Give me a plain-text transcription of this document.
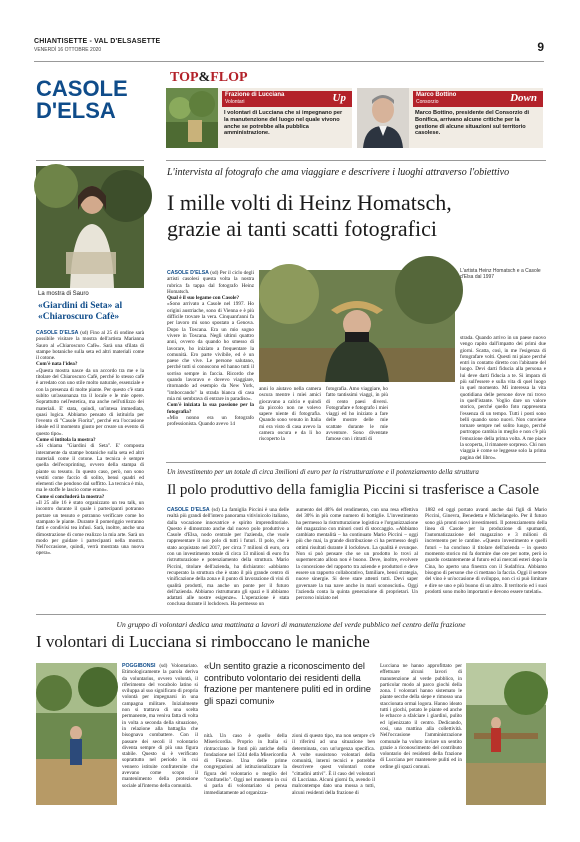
CHIANTISETTE - VAL D'ELSASETTE
VENERDÌ 16 OTTOBRE 2020	9
CASOLE
D'ELSA
TOP&FLOP
Frazione di Lucciana
Volontari	Up
I volontari di Lucciana che si impegnano per la manutenzione del luogo nel quale vivono anche se potrebbe alla pubblica amministrazione.
Marco Bottino
Consorzio	Down
Marco Bottino, presidente del Consorzio di Bonifica, arrivano alcune critiche per la gestione di alcune situazioni sul territorio casolese.
La mostra di Sauro
«Giardini di Seta» al «Chiaroscuro Cafè»

CASOLE D'ELSA (sd) Fino al 25 di ondine sarà possibile visitare la mostra dell'artista Marianna Sauro al «Chiaroscuro Cafè». Sarà una sfilata di stampe botaniche sulla seta ed altri materiali come il cotone.

Com'è nata l'idea?

«Questa mostra nasce da un accordo tra me e la titolare del Chiaroscuro Cafè, perché lo stesso cafè è arredato con uno stile molto naturale, essenziale e con la presenza di molte piante. Per questo c'è stata subito un'assonanza tra il locale e le mie opere. Soprattutto nell'estetica, ma anche nell'utilizzo dei materiali. E' stata, quindi, un'intesa immediata, quasi logica. Abbiamo pensato di istituirla per l'evento di "Casole Fiorita", perché era l'occasione ideale ed il momento giusto per creare un evento di questo tipo».

Come si intitola la mostra?

«Si chiama "Giardini di Seta". E' composta interamente da stampe botaniche sulla seta ed altri materiali come il cotone. La tecnica è sempre quella dell'ecoprinting, ovvero della stampa di piante su tessuto. In questo caso, però, non sono vestiti come faccio di solito, bensì quadri ed elementi che pendono dal soffitto. La tecnica è mia, ma le stoffe le lascio come erano».

Come si concluderà la mostra?

«Il 25 alle 16 è stato organizzato un tea talk, un incontro durante il quale i partecipanti potranno portare un tessuto e potranno verificare come ho stampato le piante. Durante il pomeriggio verranno fatti e condivisi tea infusi. Sarà, inoltre, anche una dimostrazione di come realizzo la mia arte. Sarà un modo per guidare i partecipanti nella mostra. Nell'occasione, quindi, verrà mostrata una nuova opera».

L'intervista al fotografo che ama viaggiare e descrivere i luoghi attraverso l'obiettivo
I mille volti di Heinz Homatsch,
grazie ai tanti scatti fotografici

CASOLE D'ELSA (sd) Per il ciclo degli artisti casolesi questa volta la nostra rubrica fa tappa dal fotografo Heinz Homatsch.

Qual è il suo legame con Casole?

«Sono arrivato a Casole nel 1997. Ho origini austriache, sono di Vienna e è più difficile trovare la vera. Cinquant'anni fa per lavoro mi sono spostato a Genova. Dopo la Toscana. Era un mio sogno vivere in Toscana. Negli ultimi quattro anni, ovvero da quando ho smesso di lavorare, ho iniziato a frequentare la comunità. Ero parte vivibile, ed è un paese che vive. Le persone salutano, perché tutti si conoscono ed hanno tutti il sorriso sempre in faccia. Ricordo che quando lavoravo e dovevo viaggiare, ritornando ad esempio da New York, "imboccando" la strada bianca di casa mia mi sembrava di entrare in paradiso».

Com'è iniziata la sua passione per la fotografia?

«Mio nonno era un fotografo professionista. Quando avevo 14

anni lo aiutavo nella camera oscura mentre i miei amici giocavano a calcio e quindi da piccolo non ne volevo sapere niente di fotografia. Quando sono venuto in Italia mi era visto di casa avevo la camera oscura e da lì ho riscoperto la
fotografia. Amo viaggiare, ho fatto tantissimi viaggi, in più di cento paesi diversi. Fotografare e fotografo i miei viaggi ed ho iniziato a fare delle mostre delle mie scattate durante le mie avventure. Sono diventate famose con i ritratti di
L'artista Heinz Homatsch e a Casole d'Elsa dal 1997
strada. Quando arrivo in un paese nuovo vengo rapito dall'impatto dei primi due giorni. Scatta, così, in me l'esigenza di fotografare volti. Questi mi piace perché entri in contatto diretto con l'abitante del luogo. Devi darti fiducia alla persona e lui deve darti fiducia a te. Si impara di più sull'essere e sulla vita di quel luogo in quel momento. Mi interessa la vita quotidiana delle persone dove mi trovo in quell'istante. Voglio dare un valore storico, perché quello foto rappresenta l'essenza di un tempo. Tutti i posti sono belli quando sono nuovi. Non conviene tornare sempre nel solito luogo, perché purtroppo cambia in meglio e non c'è più l'emozione della prima volta. A me piace la scoperta, il rimanere sorpreso. Chi non viaggia è come se leggesse solo la prima pagina del libro».
Un investimento per un totale di circa 3milioni di euro per la ristrutturazione e il potenziamento della struttura
Il polo produttivo della famiglia Piccini si trasferisce a Casole
CASOLE D'ELSA (sd) La famiglia Piccini è una delle realtà più grandi dell'intero panorama vitivinicolo italiano, dalla vocazione innovatrice e spirito imprenditoriale. Questo è dimostrato anche dal nuovo polo produttivo a Casole d'Elsa, nodo centrale per l'azienda, che vuole rappresentare il suo polo di tutti i futuri. Il polo, che è stato acquistato nel 2017, per circa 7 milioni di euro, ora con un investimento totale di circa 13 milioni di euro fra ristrutturazione e potenziamento della struttura. Mario Piccini, titolare dell'azienda, ha dichiarato: «abbiamo recuperato la struttura che è stato il più grande centro di vinificazione della zona e il punto di lavorazione di vini di qualità prodotti, ma anche un ponte per il futuro dell'azienda. Abbiamo ristrutturato gli spazi e li abbiamo adattati alle nostre esigenze». L'operazione è stata conclusa durante il lockdown. Ha permesso un
aumento del 48% del rendimento, con una resa effettiva del 30% in più come numero di bottiglie. L'investimento ha permesso la ristrutturazione logistica e l'organizzazione del magazzino con minori costi di stoccaggio. «Abbiamo cambiato mentalità – ha continuato Mario Piccini – oggi più che mai, la grande distribuzione ci ha permesso degli ottimi risultati durante il lockdown. La qualità è ovunque. Non si può pensare che se un prodotto lo trovi al supermercato allora non è buono. Deve, inoltre, evolvere la concezione del rapporto tra aziende e produttori e deve essere un rapporto collaborativo, familiare, bensì strategia, nuove sinergie. Si deve stare attenti tutti. Devi saper governare la tua nave anche in mari sconosciuti». Oggi l'azienda conta la quinta generazione di proprietari. Un percorso iniziato nel
1882 ed oggi portato avanti anche dai figli di Mario Piccini, Ginevra, Benedetta e Michelangelo. Per il futuro sono già pronti nuovi investimenti. Il potenziamento della linea di Casole per la produzione di spumanti, l'automatizzazione del magazzino e 3 milioni di incremento per le cantine. «Questo investimento e quelli futuri – ha concluso il titolare dell'azienda – in questo momento storico mi fa dormire due ore per notte, però io guardo costantemente al futuro ed ai mercati esteri dopo la Cina, ho aperto una finestra con il Sudafrica. Abbiamo bisogno di persone che ci mettano la faccia. Oggi il settore del vino è un'occasione di sviluppo, non ci si può limitare e dire se uno e più buono di un altro. Il territorio ed i suoi prodotti sono molto importanti e devono essere tutelati».
Un gruppo di volontari dedica una mattinata a lavori di manutenzione del verde pubblico nel centro della frazione
I volontari di Lucciana si rimboccano le maniche
POGGIBONSI (sd) Volontariato. Etimologicamente la parola deriva da voluntarius, ovvero volontà, il riferimento del vocabolo latino si sviluppa al suo significato di propria volontà per impegnarsi in una campagna militare. Inizialmente non si trattava di una scelta permanente, ma veniva fatta di volta in volta a seconda della situazione, in relazione alla battaglia che bisognava combattere. Con il passare dei secoli il volontario diventa sempre di più una figura stabile. Questo si è verificato soprattutto nel periodo in cui vennero istituite confraternite che avevano come scopo il mantenimento della protezione sociale all'interno della comunità.
«Un sentito grazie a riconoscimento del contributo volontario dei residenti della frazione per mantenere puliti ed in ordine gli spazi comuni»
nità. Un caso è quello della Misericordia. Proprio in Italia si rintracciano le fonti più antiche della fondazione nel 1244 della Misericordia di Firenze. Una delle prime congregazioni ad istituzionalizzare la figura del volontario o meglio del "confratello". Oggi nel momento in cui si parla di volontariato si pensa immediatamente ad organizza-
zioni di questo tipo, ma non sempre c'è il riferirsi ad una situazione ben determinata, con un'urgenza specifica. A volte sussistono volontari della comunità, interni tecnici e potrebbe descrivere quest volontari come "cittadini attivi". È il caso del volontari di Lucciana. Alcuni giorni fa, avendo il malcontempo dato una mossa a tutti, alcuni residenti della frazione di
Lucciana ne hanno approfittato per effettuare alcuni lavori di manutenzione al verde pubblico, in particolar modo al parco giochi della zona. I volontari hanno sistemato le piante secche della siepe e rimosso una staccionata ormai logora. Hanno ideato tutti i giochi, potato le piante ed anche le erbacce a sfalciare i giardini, pulito ed igienizzato il centro. Dedicando, così, una mattina alla collettività. Nell'occasione l'amministrazione comunale ha voluto inviare un sentito grazie a riconoscimento del contributo volontario dei residenti della frazione di Lucciana per mantenere puliti ed in ordine gli spazi comuni.
